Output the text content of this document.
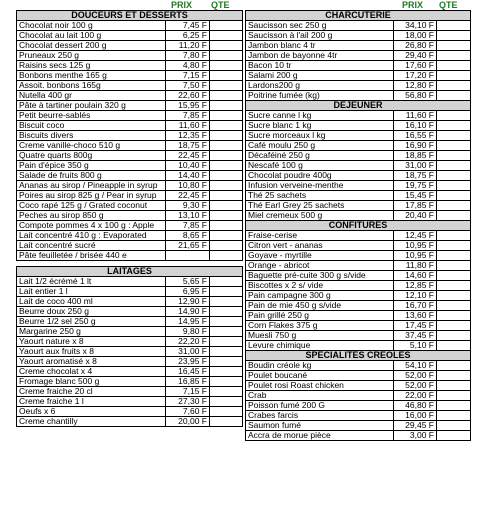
PRIX QTE
DOUCEURS ET DESSERTS		
Chocolat noir 100 g	7,45 F	
Chocolat au lait 100 g	6,25 F	
Chocolat dessert 200 g	11,20 F	
Pruneaux 250 g	7,80 F	
Raisins secs 125 g	4,80 F	
Bonbons menthe 165 g	7,15 F	
Assoit. bonbons 165g	7,50 F	
Nutella 400 gr	22,60 F	
Pâte à tartiner poulain 320 g	15,95 F	
Petit beurre-sablés	7,85 F	
Biscuit coco	11,60 F	
Biscuits divers	12,35 F	
Creme vanille-choco 510 g	18,75 F	
Quatre quarts 800g	22,45 F	
Pain d'épice 350 g	10,40 F	
Salade de fruits 800 g	14,40 F	
Ananas au sirop / Pineapple in syrup	10,80 F	
Poires au sirop 825 g / Pear in syrup	22,45 F	
Coco rapé 125 g / Grated coconut	9,30 F	
Peches au sirop 850 g	13,10 F	
Compote pommes 4 x 100 g : Apple	7,85 F	
Lait concentré 410 g : Evaporated	8,65 F	
Lait concentré sucré	21,65 F	
Pâte feuilletée / brisée 440 e		

LAITAGES		
Lait 1/2 écrémé 1 lt	5,65 F	
Lait entier 1 l	6,95 F	
Lait de coco 400 ml	12,90 F	
Beurre doux 250 g	14,90 F	
Beurre 1/2 sel 250 g	14,95 F	
Margarine 250 g	9,80 F	
Yaourt nature x 8	22,20 F	
Yaourt aux fruits x 8	31,00 F	
Yaourt aromatisé x 8	23,95 F	
Creme chocolat x 4	16,45 F	
Fromage blanc 500 g	16,85 F	
Creme fraiche 20 cl	7,15 F	
Creme fraiche 1 l	27,30 F	
Oeufs x 6	7,60 F	
Creme chantilly	20,00 F	
PRIX QTE
CHARCUTERIE		
Saucisson sec 250 g	34,10 F	
Saucisson à l'ail 200 g	18,00 F	
Jambon blanc 4 tr	26,80 F	
Jambon de bayonne 4tr	29,40 F	
Bacon 10 tr	17,60 F	
Salami 200 g	17,20 F	
Lardons200 g	12,80 F	
Poitrine fumée (kg)	56,80 F	
DEJEUNER		
Sucre canne l kg	11,60 F	
Sucre blanc 1 kg	16,10 F	
Sucre morceaux l kg	16,55 F	
Café moulu 250 g	16,90 F	
Décaféiné 250 g	18,85 F	
Nescafé 100 g	31,00 F	
Chocolat poudre 400g	18,75 F	
Infusion verveine-menthe	19,75 F	
Thé 25 sachets	15,45 F	
Thé Earl Grey 25 sachets	17,85 F	
Miel cremeux 500 g	20,40 F	
CONFITURES		
Fraise-cerise	12,45 F	
Citron vert - ananas	10,95 F	
Goyave - myrtille	10,95 F	
Orange - abricot	11,80 F	
Baguette pré-cuite 300 g s/vide	14,60 F	
Biscottes x 2 s/ vide	12,85 F	
Pain campagne 300 g	12,10 F	
Pain de mie 450 g s/vide	16,70 F	
Pain grillé 250 g	13,60 F	
Corn Flakes 375 g	17,45 F	
Muesli 750 g	37,45 F	
Levure chimique	5,10 F	
SPECIALITES CREOLES		
Boudin créole kg	54,10 F	
Poulet boucané	52,00 F	
Poulet rosi Roast chicken	52,00 F	
Crab	22,00 F	
Poisson fumé 200 G	46,80 F	
Crabes farcis	16,00 F	
Saumon fumé	29,45 F	
Accra de morue pièce	3,00 F	
